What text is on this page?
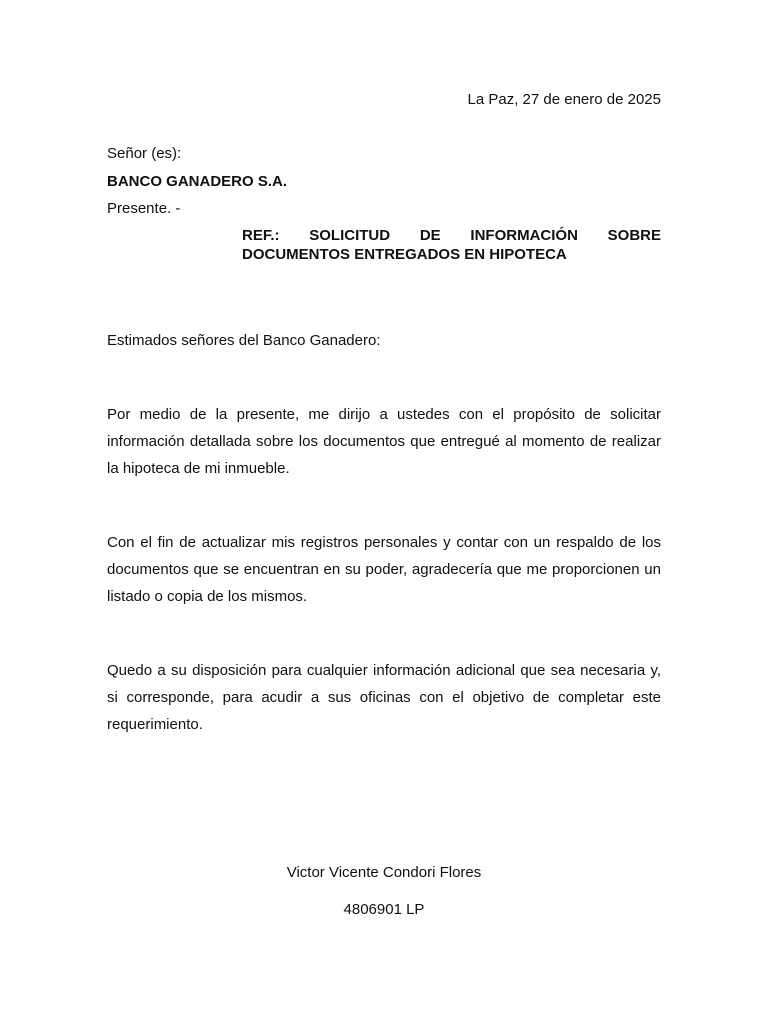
La Paz, 27 de enero de 2025
Señor (es):
BANCO GANADERO S.A.
Presente. -
REF.: SOLICITUD DE INFORMACIÓN SOBRE
DOCUMENTOS ENTREGADOS EN HIPOTECA
Estimados señores del Banco Ganadero:

Por medio de la presente, me dirijo a ustedes con el propósito de solicitar información detallada sobre los documentos que entregué al momento de realizar la hipoteca de mi inmueble.

Con el fin de actualizar mis registros personales y contar con un respaldo de los documentos que se encuentran en su poder, agradecería que me proporcionen un listado o copia de los mismos.

Quedo a su disposición para cualquier información adicional que sea necesaria y, si corresponde, para acudir a sus oficinas con el objetivo de completar este requerimiento.

Victor Vicente Condori Flores
4806901 LP
